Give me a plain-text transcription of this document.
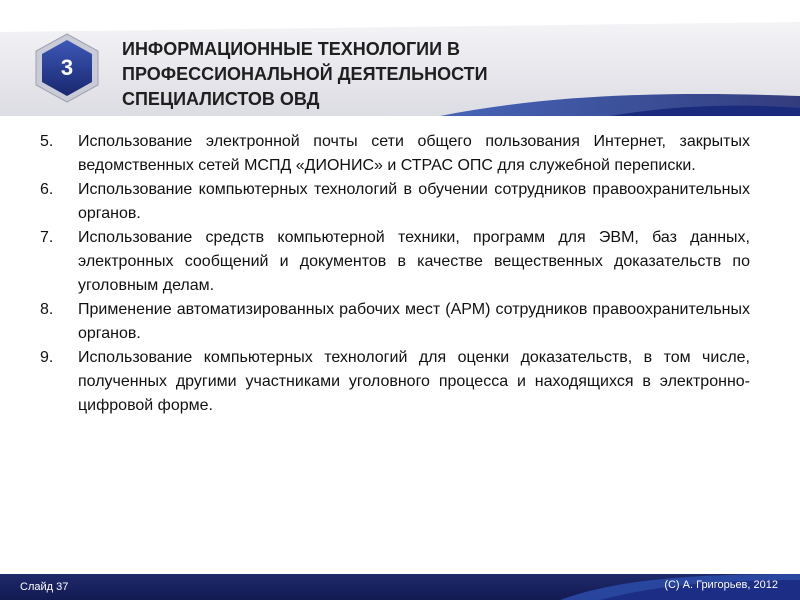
3
ИНФОРМАЦИОННЫЕ ТЕХНОЛОГИИ В
ПРОФЕССИОНАЛЬНОЙ ДЕЯТЕЛЬНОСТИ
СПЕЦИАЛИСТОВ ОВД
5. Использование электронной почты сети общего пользования Интернет, закрытых ведомственных сетей МСПД «ДИОНИС» и СТРАС ОПС для служебной переписки.
6. Использование компьютерных технологий в обучении сотрудников правоохранительных органов.
7. Использование средств компьютерной техники, программ для ЭВМ, баз данных, электронных сообщений и документов в качестве вещественных доказательств по уголовным делам.
8. Применение автоматизированных рабочих мест (АРМ) сотрудников правоохранительных органов.
9. Использование компьютерных технологий для оценки доказательств, в том числе, полученных другими участниками уголовного процесса и находящихся в электронно-цифровой форме.
Слайд 37	(C) А. Григорьев, 2012
